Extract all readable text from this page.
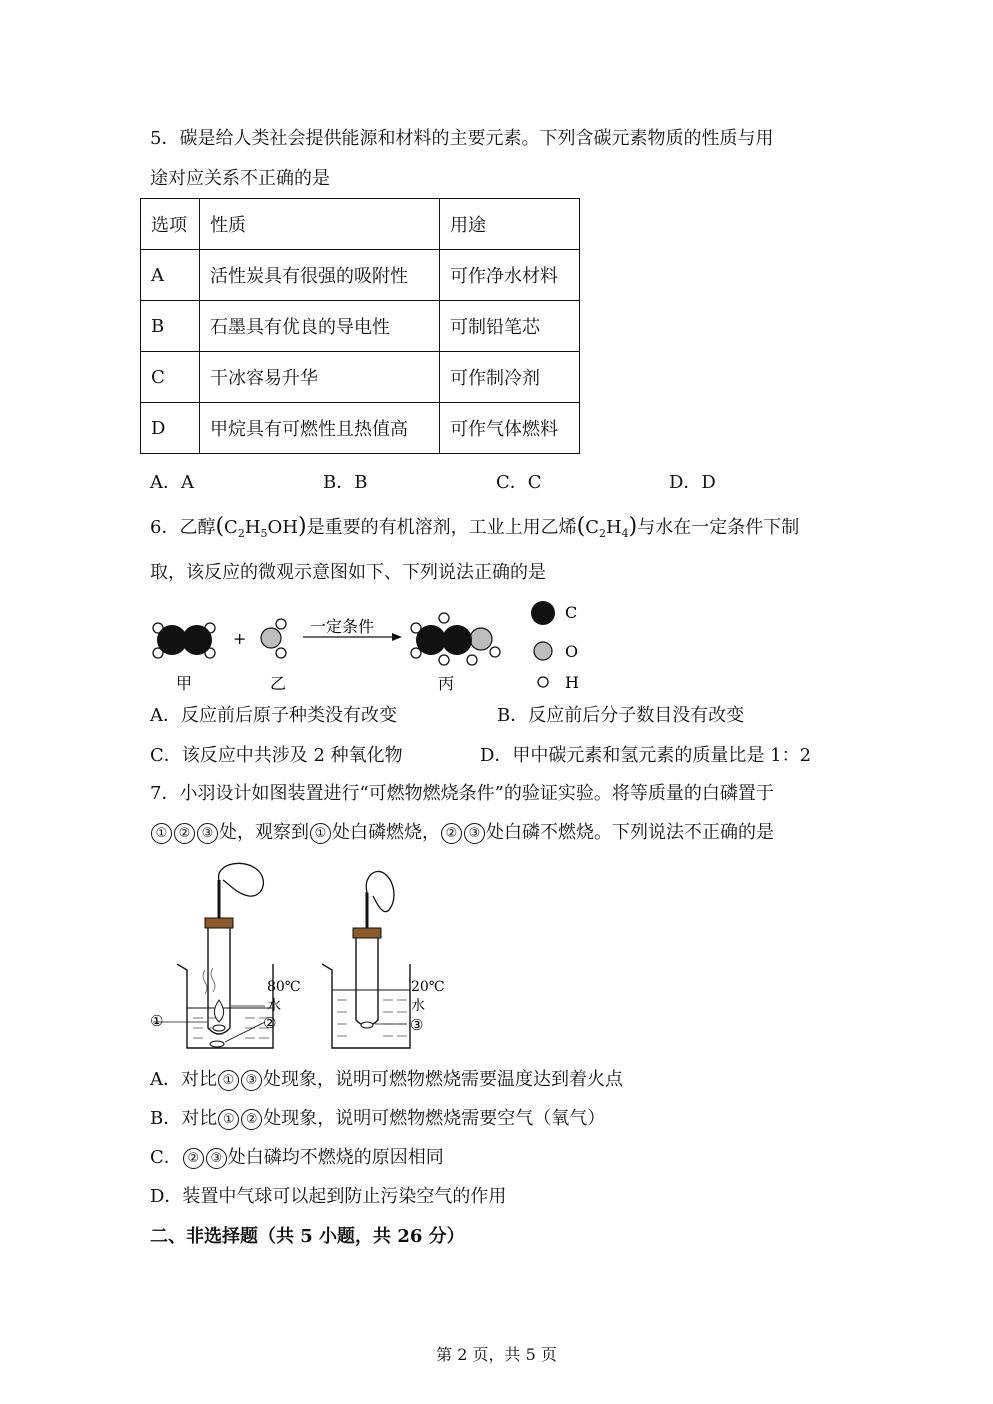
5．碳是给人类社会提供能源和材料的主要元素。下列含碳元素物质的性质与用
途对应关系不正确的是
选项	性质	用途
A	活性炭具有很强的吸附性	可作净水材料
B	石墨具有优良的导电性	可制铅笔芯
C	干冰容易升华	可作制冷剂
D	甲烷具有可燃性且热值高	可作气体燃料
A．A	B．B	C．C	D．D
6．乙醇$(C_2H_5OH)$是重要的有机溶剂，工业上用乙烯$(C_2H_4)$与水在一定条件下制
取，该反应的微观示意图如下、下列说法正确的是
+
一定条件
甲	乙	丙
C
O
H
A．反应前后原子种类没有改变	B．反应前后分子数目没有改变
C．该反应中共涉及 2 种氧化物	D．甲中碳元素和氢元素的质量比是 1：2
7．小羽设计如图装置进行“可燃物燃烧条件”的验证实验。将等质量的白磷置于
① ② ③ 处，观察到 ① 处白磷燃烧， ② ③ 处白磷不燃烧。下列说法不正确的是
80℃
水
①	②
20℃
水
③
A．对比 ① ③ 处现象，说明可燃物燃烧需要温度达到着火点
B．对比 ① ② 处现象，说明可燃物燃烧需要空气（氧气）
C． ② ③ 处白磷均不燃烧的原因相同
D．装置中气球可以起到防止污染空气的作用
二、非选择题（共 5 小题，共 26 分）
第 2 页，共 5 页
